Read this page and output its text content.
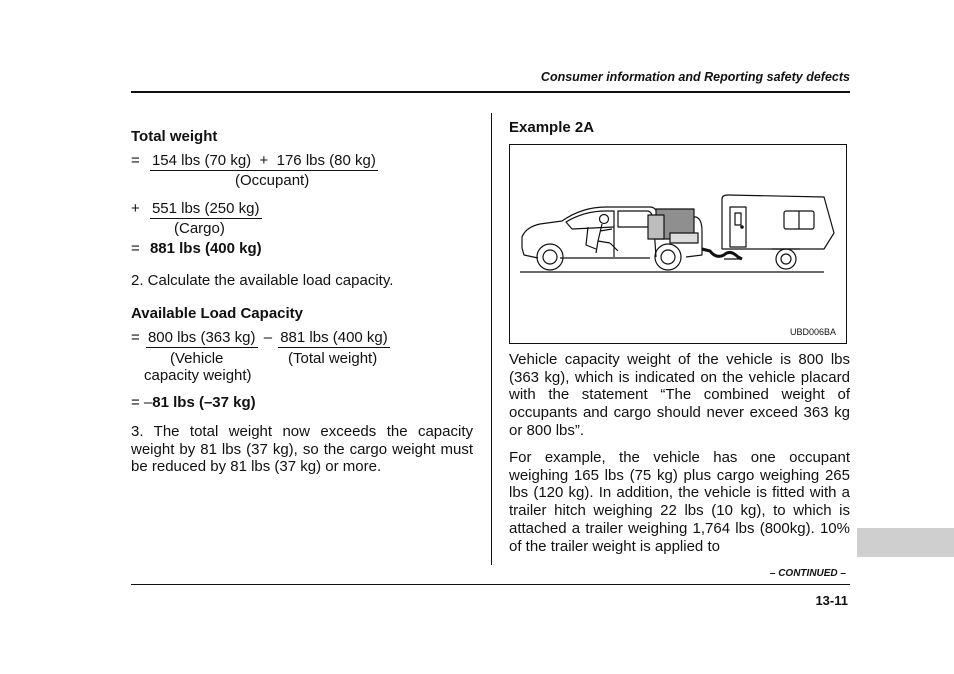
Consumer information and Reporting safety defects
Total weight
= 154 lbs (70 kg) + 176 lbs (80 kg)
(Occupant)
+ 551 lbs (250 kg)
(Cargo)
= 881 lbs (400 kg)
2. Calculate the available load capacity.
Available Load Capacity
= 800 lbs (363 kg) – 881 lbs (400 kg)
(Vehicle
capacity weight)
(Total weight)
= –81 lbs (–37 kg)
3. The total weight now exceeds the capacity weight by 81 lbs (37 kg), so the cargo weight must be reduced by 81 lbs (37 kg) or more.
Example 2A
UBD006BA
Vehicle capacity weight of the vehicle is 800 lbs (363 kg), which is indicated on the vehicle placard with the statement “The combined weight of occupants and cargo should never exceed 363 kg or 800 lbs”.
For example, the vehicle has one occupant weighing 165 lbs (75 kg) plus cargo weighing 265 lbs (120 kg). In addition, the vehicle is fitted with a trailer hitch weighing 22 lbs (10 kg), to which is attached a trailer weighing 1,764 lbs (800kg). 10% of the trailer weight is applied to
– CONTINUED –
13-11
